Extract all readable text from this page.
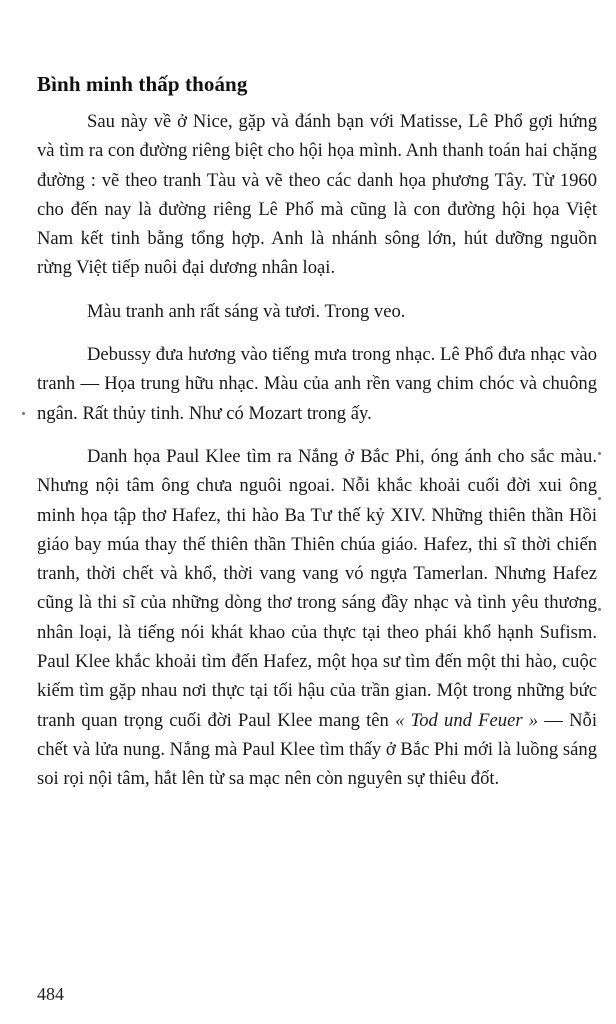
Bình minh thấp thoáng

Sau này về ở Nice, gặp và đánh bạn với Matisse, Lê Phổ gợi hứng và tìm ra con đường riêng biệt cho hội họa mình. Anh thanh toán hai chặng đường : vẽ theo tranh Tàu và vẽ theo các danh họa phương Tây. Từ 1960 cho đến nay là đường riêng Lê Phổ mà cũng là con đường hội họa Việt Nam kết tinh bằng tổng hợp. Anh là nhánh sông lớn, hút dưỡng nguồn rừng Việt tiếp nuôi đại dương nhân loại.

Màu tranh anh rất sáng và tươi. Trong veo.

Debussy đưa hương vào tiếng mưa trong nhạc. Lê Phổ đưa nhạc vào tranh — Họa trung hữu nhạc. Màu của anh rền vang chim chóc và chuông ngân. Rất thủy tinh. Như có Mozart trong ấy.

Danh họa Paul Klee tìm ra Nắng ở Bắc Phi, óng ánh cho sắc màu. Nhưng nội tâm ông chưa nguôi ngoai. Nỗi khắc khoải cuối đời xui ông minh họa tập thơ Hafez, thi hào Ba Tư thế kỷ XIV. Những thiên thần Hồi giáo bay múa thay thế thiên thần Thiên chúa giáo. Hafez, thi sĩ thời chiến tranh, thời chết và khổ, thời vang vang vó ngựa Tamerlan. Nhưng Hafez cũng là thi sĩ của những dòng thơ trong sáng đầy nhạc và tình yêu thương nhân loại, là tiếng nói khát khao của thực tại theo phái khổ hạnh Sufism. Paul Klee khắc khoải tìm đến Hafez, một họa sư tìm đến một thi hào, cuộc kiếm tìm gặp nhau nơi thực tại tối hậu của trần gian. Một trong những bức tranh quan trọng cuối đời Paul Klee mang tên « Tod und Feuer » — Nỗi chết và lửa nung. Nắng mà Paul Klee tìm thấy ở Bắc Phi mới là luồng sáng soi rọi nội tâm, hắt lên từ sa mạc nên còn nguyên sự thiêu đốt.

484
